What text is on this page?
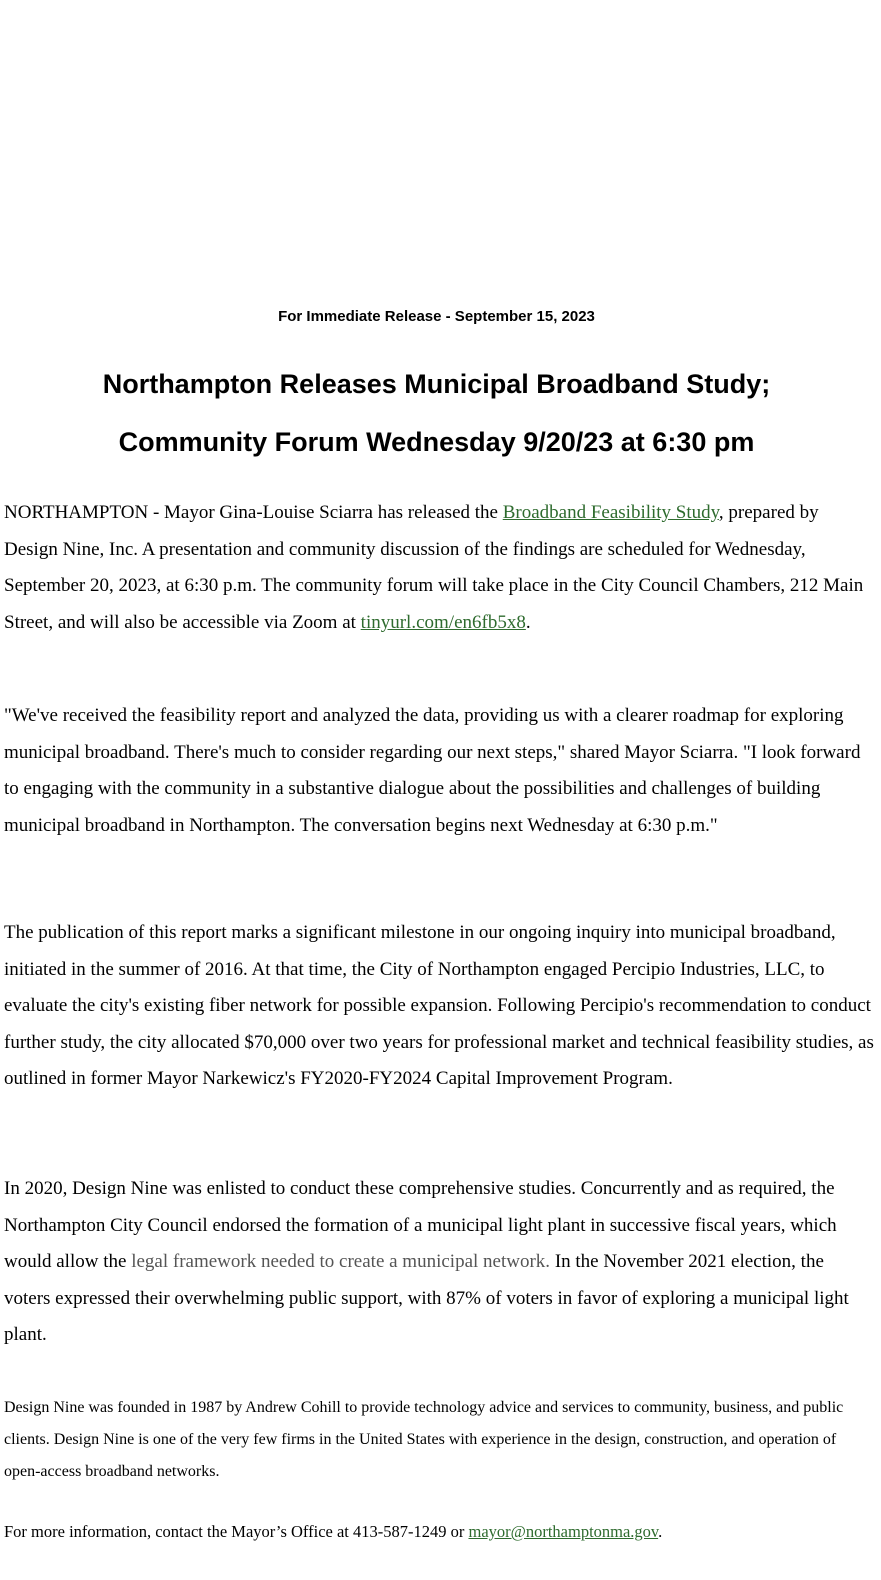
For Immediate Release - September 15, 2023
Northampton Releases Municipal Broadband Study;
Community Forum Wednesday 9/20/23 at 6:30 pm

NORTHAMPTON - Mayor Gina-Louise Sciarra has released the Broadband Feasibility Study, prepared by Design Nine, Inc. A presentation and community discussion of the findings are scheduled for Wednesday, September 20, 2023, at 6:30 p.m. The community forum will take place in the City Council Chambers, 212 Main Street, and will also be accessible via Zoom at tinyurl.com/en6fb5x8.

"We've received the feasibility report and analyzed the data, providing us with a clearer roadmap for exploring municipal broadband. There's much to consider regarding our next steps," shared Mayor Sciarra. "I look forward to engaging with the community in a substantive dialogue about the possibilities and challenges of building municipal broadband in Northampton. The conversation begins next Wednesday at 6:30 p.m."

The publication of this report marks a significant milestone in our ongoing inquiry into municipal broadband, initiated in the summer of 2016. At that time, the City of Northampton engaged Percipio Industries, LLC, to evaluate the city's existing fiber network for possible expansion. Following Percipio's recommendation to conduct further study, the city allocated $70,000 over two years for professional market and technical feasibility studies, as outlined in former Mayor Narkewicz's FY2020-FY2024 Capital Improvement Program.

In 2020, Design Nine was enlisted to conduct these comprehensive studies. Concurrently and as required, the Northampton City Council endorsed the formation of a municipal light plant in successive fiscal years, which would allow the legal framework needed to create a municipal network. In the November 2021 election, the voters expressed their overwhelming public support, with 87% of voters in favor of exploring a municipal light plant.

Design Nine was founded in 1987 by Andrew Cohill to provide technology advice and services to community, business, and public clients. Design Nine is one of the very few firms in the United States with experience in the design, construction, and operation of open-access broadband networks.

For more information, contact the Mayor’s Office at 413-587-1249 or mayor@northamptonma.gov.
